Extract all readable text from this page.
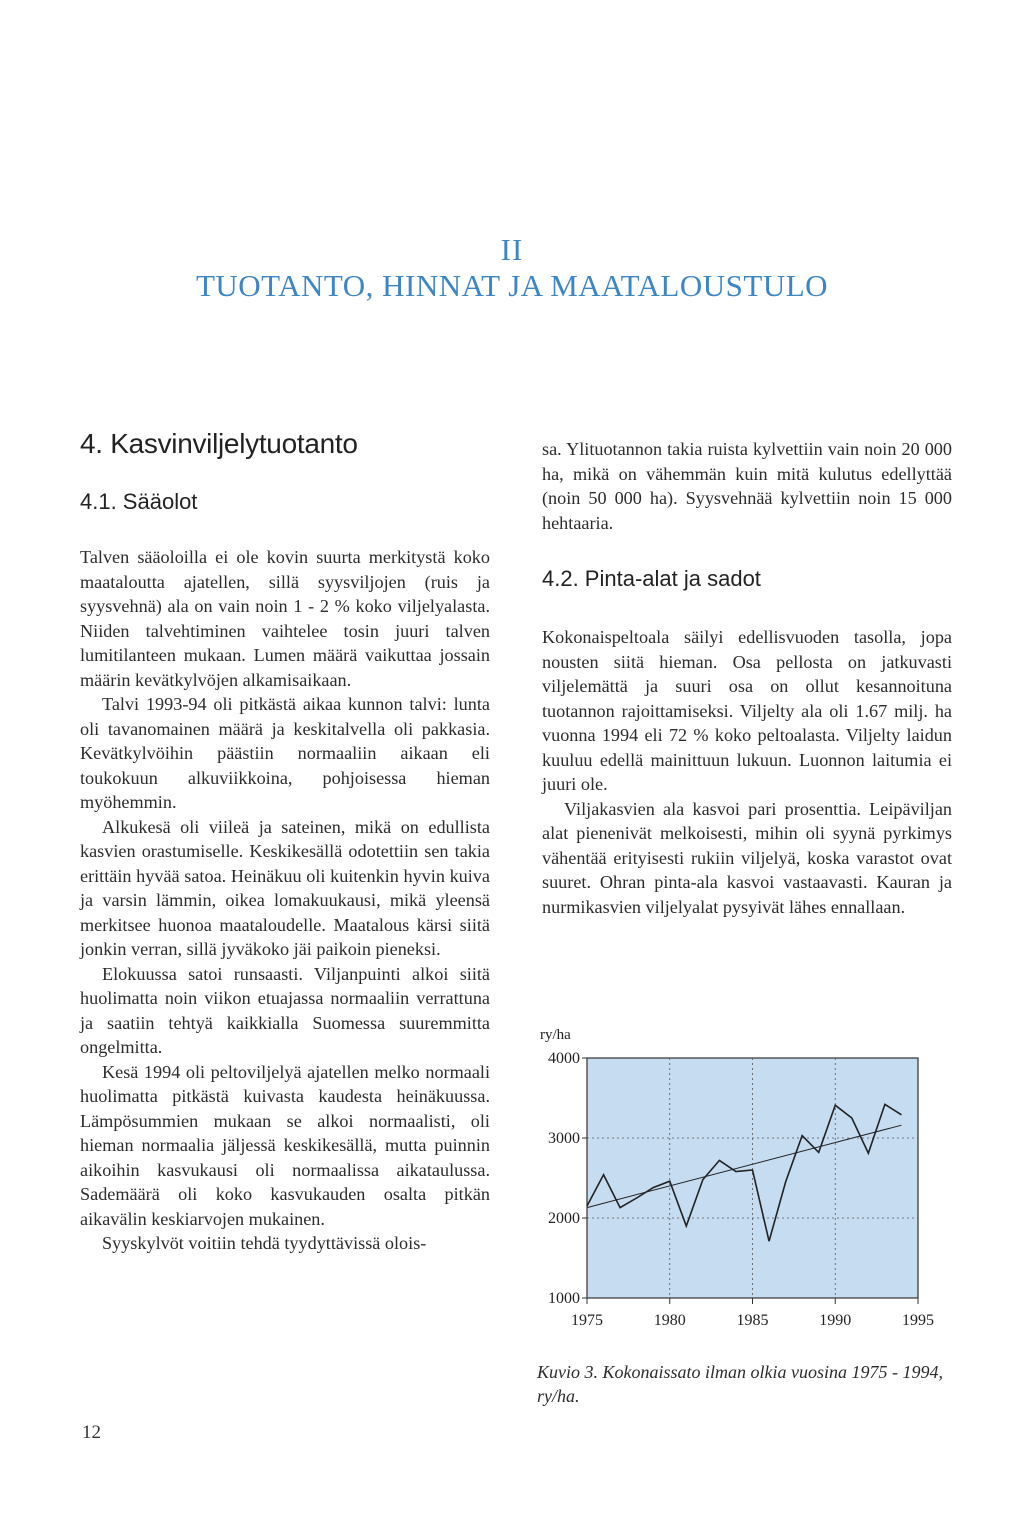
II
TUOTANTO, HINNAT JA MAATALOUSTULO
4. Kasvinviljelytuotanto
4.1. Sääolot

Talven sääoloilla ei ole kovin suurta merkitystä koko maataloutta ajatellen, sillä syysviljojen (ruis ja syysvehnä) ala on vain noin 1 - 2 % koko viljelyalasta. Niiden talvehtiminen vaihtelee tosin juuri talven lumitilanteen mukaan. Lumen määrä vaikuttaa jossain määrin kevätkylvöjen alkamisaikaan.

Talvi 1993-94 oli pitkästä aikaa kunnon talvi: lunta oli tavanomainen määrä ja keskitalvella oli pakkasia. Kevätkylvöihin päästiin normaaliin aikaan eli toukokuun alkuviikkoina, pohjoisessa hieman myöhemmin.

Alkukesä oli viileä ja sateinen, mikä on edullista kasvien orastumiselle. Keskikesällä odotettiin sen takia erittäin hyvää satoa. Heinäkuu oli kuitenkin hyvin kuiva ja varsin lämmin, oikea lomakuukausi, mikä yleensä merkitsee huonoa maataloudelle. Maatalous kärsi siitä jonkin verran, sillä jyväkoko jäi paikoin pieneksi.

Elokuussa satoi runsaasti. Viljanpuinti alkoi siitä huolimatta noin viikon etuajassa normaaliin verrattuna ja saatiin tehtyä kaikkialla Suomessa suuremmitta ongelmitta.

Kesä 1994 oli peltoviljelyä ajatellen melko normaali huolimatta pitkästä kuivasta kaudesta heinäkuussa. Lämpösummien mukaan se alkoi normaalisti, oli hieman normaalia jäljessä keskikesällä, mutta puinnin aikoihin kasvukausi oli normaalissa aikataulussa. Sademäärä oli koko kasvukauden osalta pitkän aikavälin keskiarvojen mukainen.

Syyskylvöt voitiin tehdä tyydyttävissä olois-

sa. Ylituotannon takia ruista kylvettiin vain noin 20 000 ha, mikä on vähemmän kuin mitä kulutus edellyttää (noin 50 000 ha). Syysvehnää kylvettiin noin 15 000 hehtaaria.

4.2. Pinta-alat ja sadot

Kokonaispeltoala säilyi edellisvuoden tasolla, jopa nousten siitä hieman. Osa pellosta on jatkuvasti viljelemättä ja suuri osa on ollut kesannoituna tuotannon rajoittamiseksi. Viljelty ala oli 1.67 milj. ha vuonna 1994 eli 72 % koko peltoalasta. Viljelty laidun kuuluu edellä mainittuun lukuun. Luonnon laitumia ei juuri ole.

Viljakasvien ala kasvoi pari prosenttia. Leipäviljan alat pienenivät melkoisesti, mihin oli syynä pyrkimys vähentää erityisesti rukiin viljelyä, koska varastot ovat suuret. Ohran pinta-ala kasvoi vastaavasti. Kauran ja nurmikasvien viljelyalat pysyivät lähes ennallaan.

1000
2000
3000
4000
1975	1980	1985	1990	1995
ry/ha
Kuvio 3. Kokonaissato ilman olkia vuosina 1975 - 1994, ry/ha.
12
